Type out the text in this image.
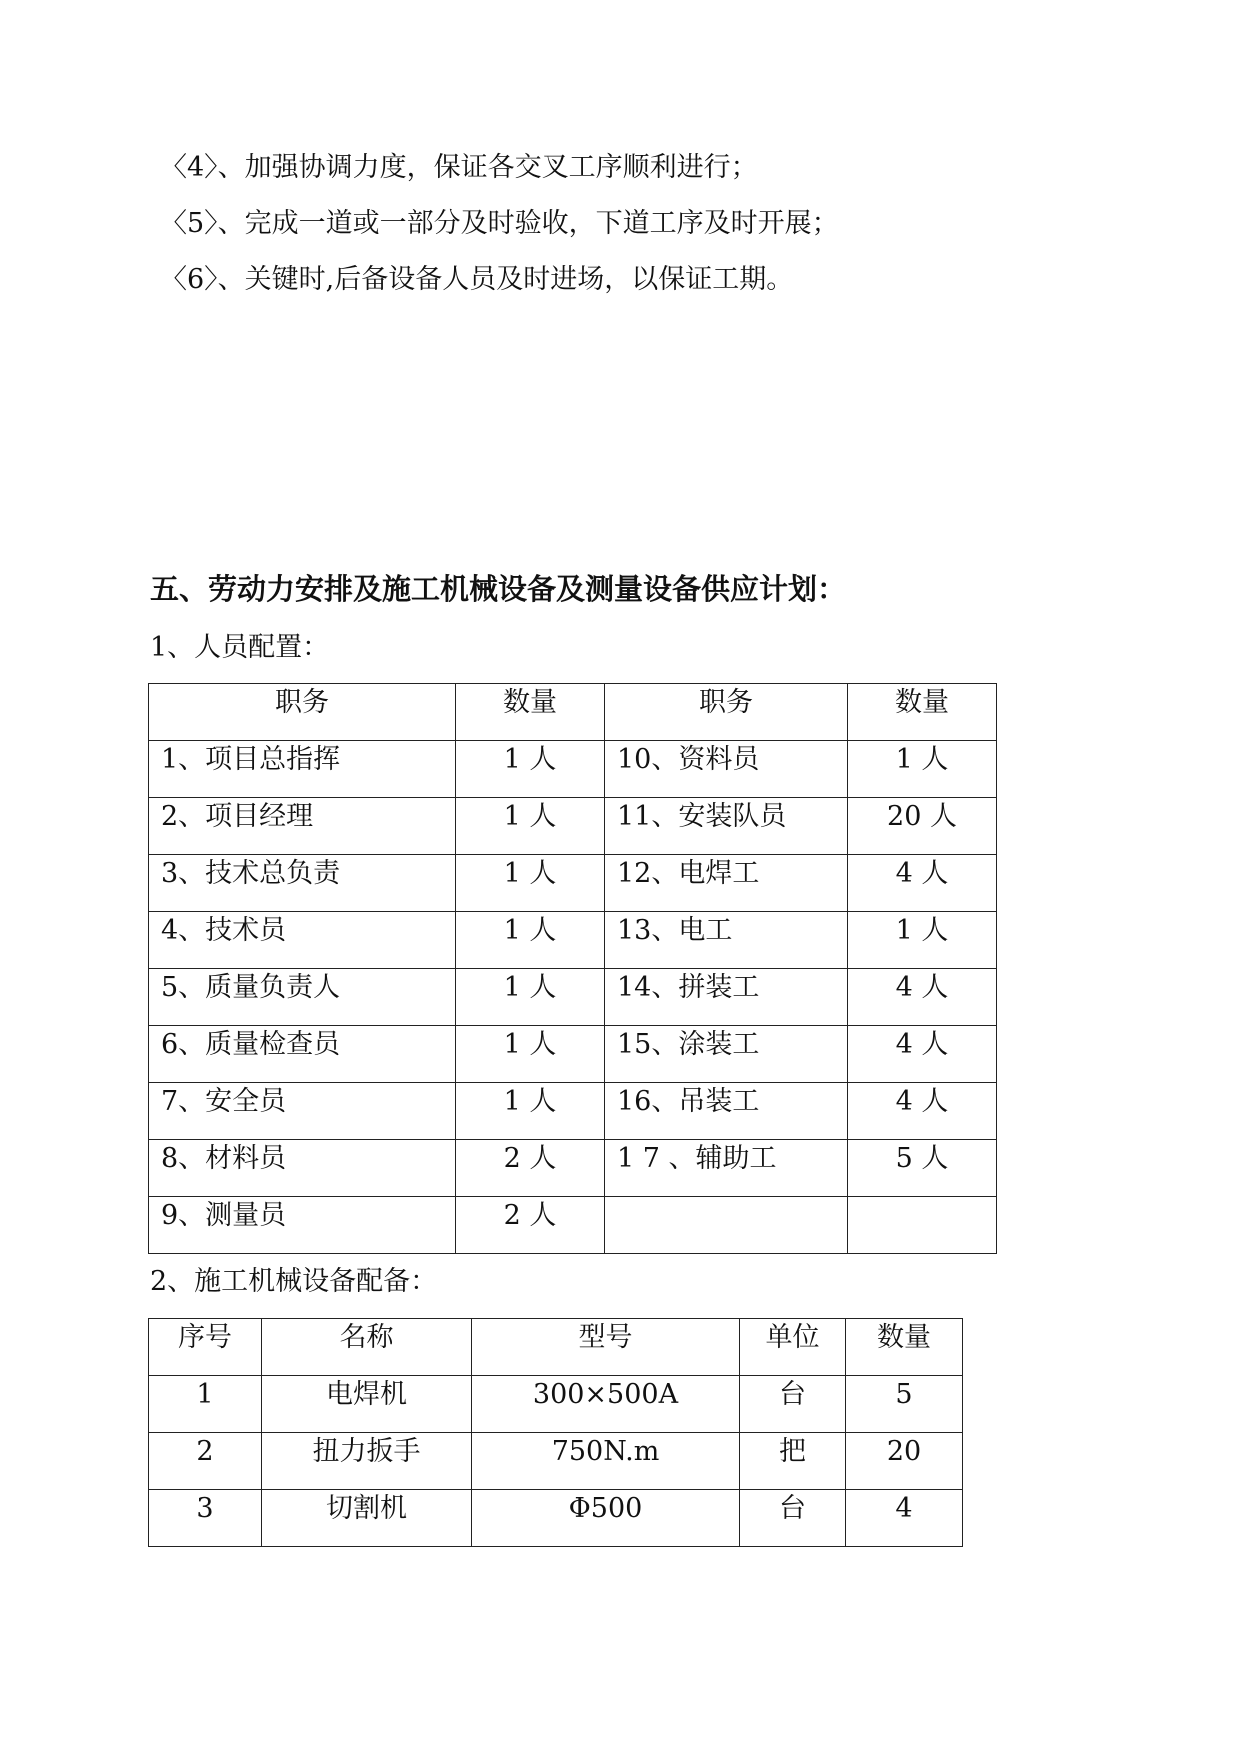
〈4〉、加强协调力度，保证各交叉工序顺利进行；
〈5〉、完成一道或一部分及时验收，下道工序及时开展；
〈6〉、关键时,后备设备人员及时进场，以保证工期。
五、劳动力安排及施工机械设备及测量设备供应计划：
1、人员配置：
职务	数量	职务	数量
1、项目总指挥	1 人	10、资料员	1 人
2、项目经理	1 人	11、安装队员	20 人
3、技术总负责	1 人	12、电焊工	4 人
4、技术员	1 人	13、电工	1 人
5、质量负责人	1 人	14、拼装工	4 人
6、质量检查员	1 人	15、涂装工	4 人
7、安全员	1 人	16、吊装工	4 人
8、材料员	2 人	1 7 、辅助工	5 人
9、测量员	2 人		
2、施工机械设备配备：
序号	名称	型号	单位	数量
1	电焊机	300×500A	台	5
2	扭力扳手	750N.m	把	20
3	切割机	Φ500	台	4
